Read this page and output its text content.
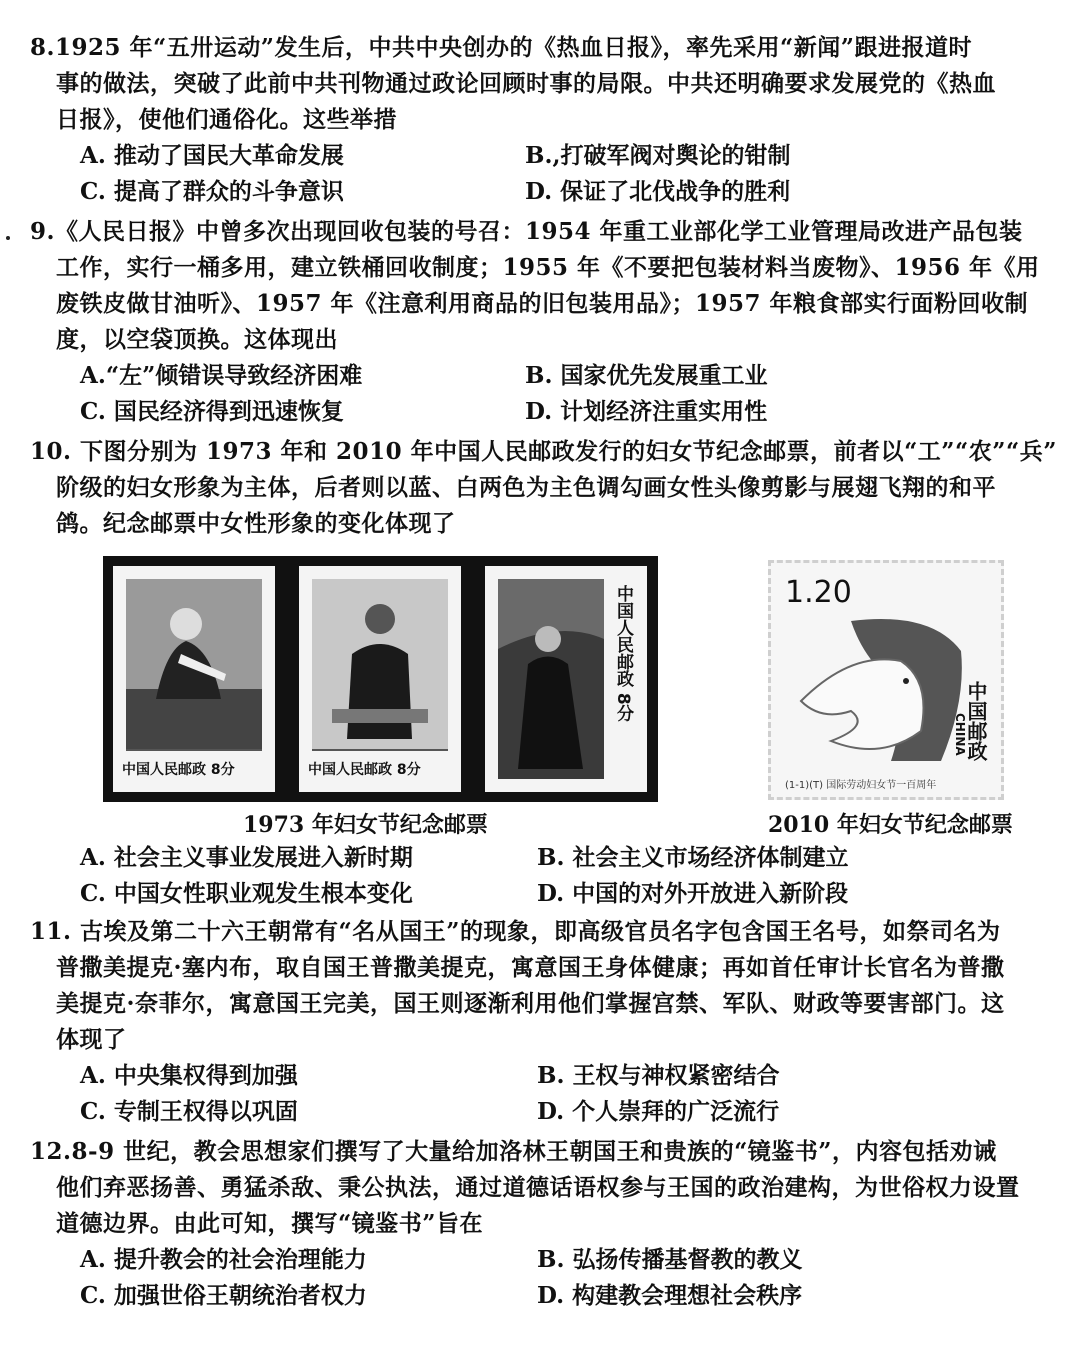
8.1925 年“五卅运动”发生后，中共中央创办的《热血日报》，率先采用“新闻”跟进报道时
事的做法，突破了此前中共刊物通过政论回顾时事的局限。中共还明确要求发展党的《热血
日报》，使他们通俗化。这些举措
A. 推动了国民大革命发展	B.,打破军阀对舆论的钳制
C. 提高了群众的斗争意识	D. 保证了北伐战争的胜利
9.《人民日报》中曾多次出现回收包装的号召：1954 年重工业部化学工业管理局改进产品包装
工作，实行一桶多用，建立铁桶回收制度；1955 年《不要把包装材料当废物》、1956 年《用
废铁皮做甘油听》、1957 年《注意利用商品的旧包装用品》；1957 年粮食部实行面粉回收制
度，以空袋顶换。这体现出
A.“左”倾错误导致经济困难	B. 国家优先发展重工业
C. 国民经济得到迅速恢复	D. 计划经济注重实用性
10. 下图分别为 1973 年和 2010 年中国人民邮政发行的妇女节纪念邮票，前者以“工”“农”“兵”
阶级的妇女形象为主体，后者则以蓝、白两色为主色调勾画女性头像剪影与展翅飞翔的和平
鸽。纪念邮票中女性形象的变化体现了
中国人民邮政 8分	中国人民邮政 8分
中国人民邮政 8分
1973 年妇女节纪念邮票
1.20
中国邮政
CHINA
(1-1)(T) 国际劳动妇女节一百周年
2010 年妇女节纪念邮票
A. 社会主义事业发展进入新时期	B. 社会主义市场经济体制建立
C. 中国女性职业观发生根本变化	D. 中国的对外开放进入新阶段
11. 古埃及第二十六王朝常有“名从国王”的现象，即高级官员名字包含国王名号，如祭司名为
普撒美提克·塞内布，取自国王普撒美提克，寓意国王身体健康；再如首任审计长官名为普撒
美提克·奈菲尔，寓意国王完美，国王则逐渐利用他们掌握宫禁、军队、财政等要害部门。这
体现了
A. 中央集权得到加强	B. 王权与神权紧密结合
C. 专制王权得以巩固	D. 个人崇拜的广泛流行
12.8-9 世纪，教会思想家们撰写了大量给加洛林王朝国王和贵族的“镜鉴书”，内容包括劝诫
他们弃恶扬善、勇猛杀敌、秉公执法，通过道德话语权参与王国的政治建构，为世俗权力设置
道德边界。由此可知，撰写“镜鉴书”旨在
A. 提升教会的社会治理能力	B. 弘扬传播基督教的教义
C. 加强世俗王朝统治者权力	D. 构建教会理想社会秩序
